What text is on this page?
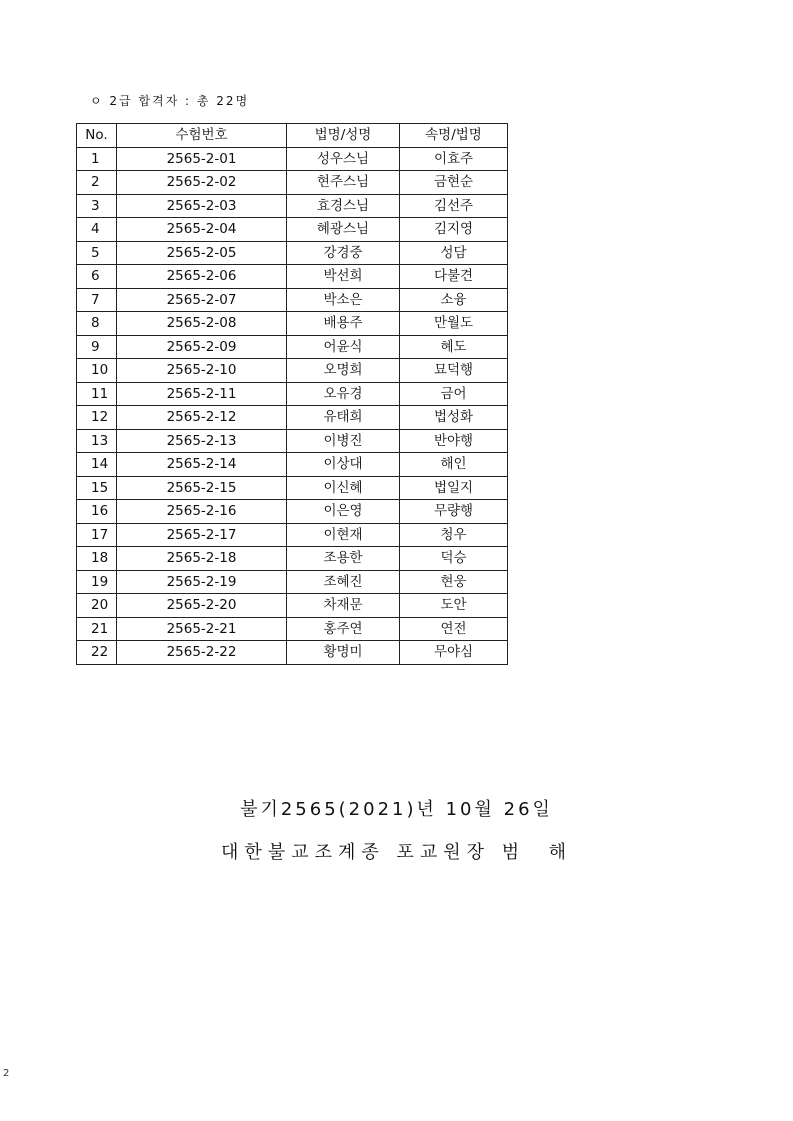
ㅇ 2급 합격자 : 총 22명
No.	수험번호	법명/성명	속명/법명
1	2565-2-01	성우스님	이효주
2	2565-2-02	현주스님	금현순
3	2565-2-03	효경스님	김선주
4	2565-2-04	혜광스님	김지영
5	2565-2-05	강경중	성담
6	2565-2-06	박선희	다불견
7	2565-2-07	박소은	소융
8	2565-2-08	배용주	만월도
9	2565-2-09	어윤식	혜도
10	2565-2-10	오명희	묘덕행
11	2565-2-11	오유경	금어
12	2565-2-12	유태희	법성화
13	2565-2-13	이병진	반야행
14	2565-2-14	이상대	해인
15	2565-2-15	이신혜	법일지
16	2565-2-16	이은영	무량행
17	2565-2-17	이현재	청우
18	2565-2-18	조용한	덕승
19	2565-2-19	조혜진	현웅
20	2565-2-20	차재문	도안
21	2565-2-21	홍주연	연전
22	2565-2-22	황명미	무야심
불기2565(2021)년 10월 26일
대한불교조계종 포교원장 범  해
2
